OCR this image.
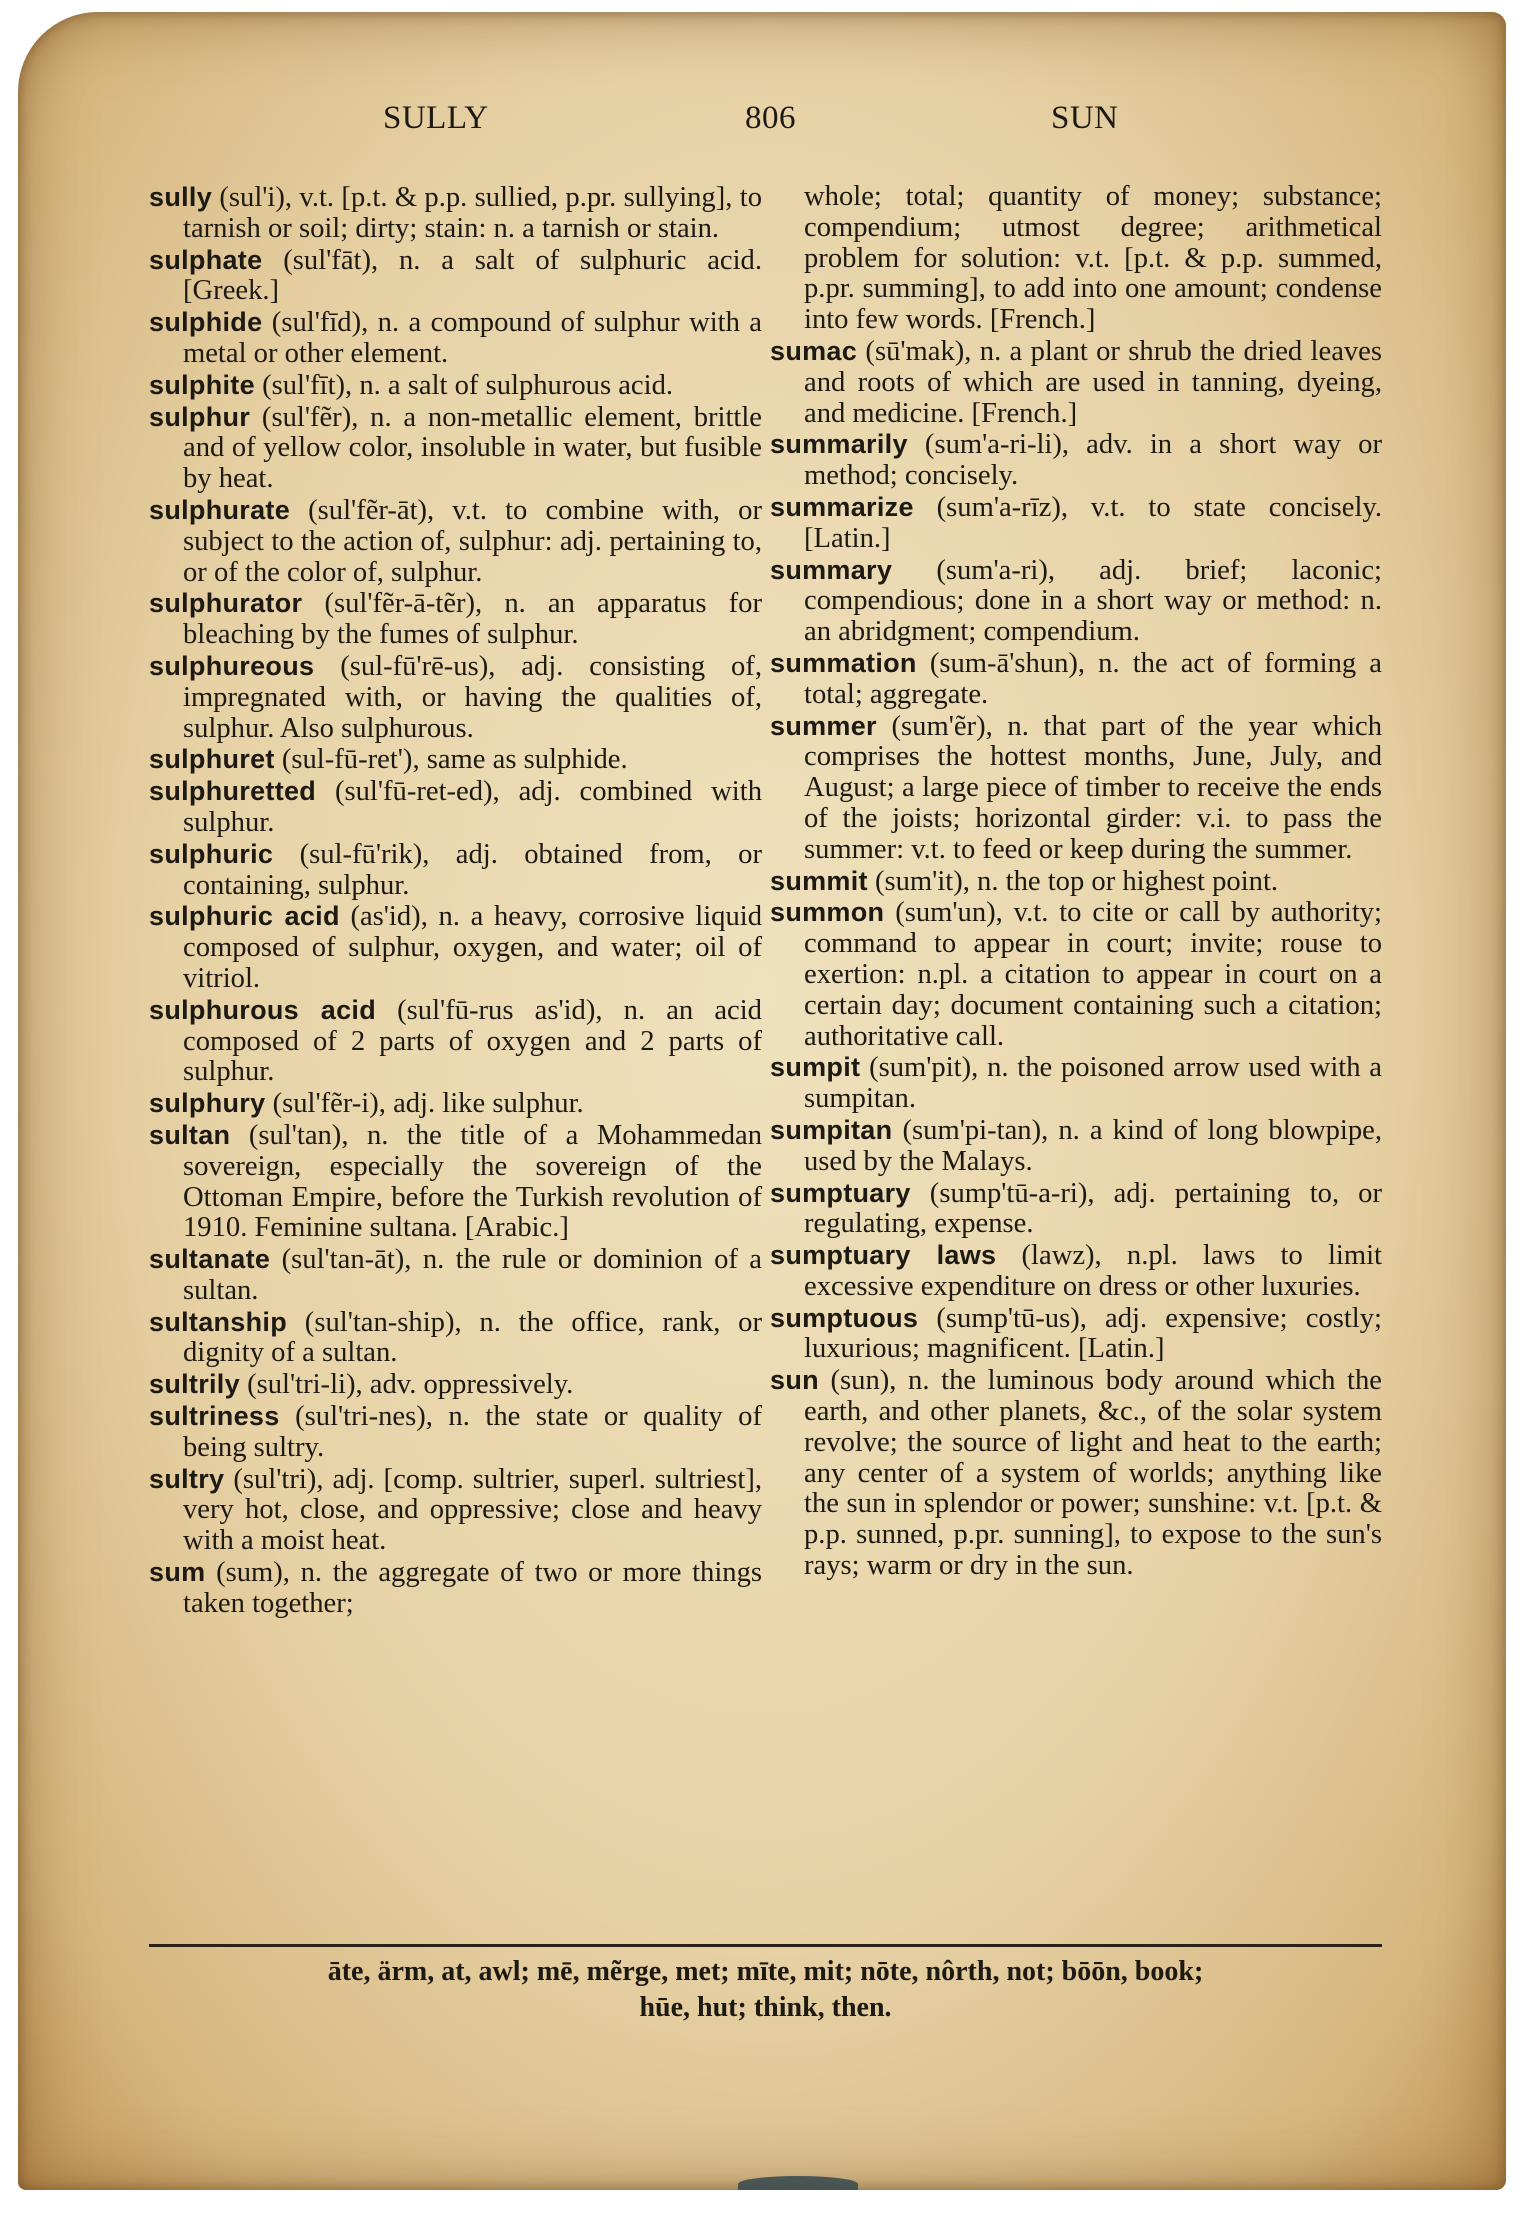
SULLY	806	SUN

sully (sul'i), v.t. [p.t. & p.p. sullied, p.pr. sullying], to tarnish or soil; dirty; stain: n. a tarnish or stain.

sulphate (sul'fāt), n. a salt of sulphuric acid. [Greek.]

sulphide (sul'fīd), n. a compound of sulphur with a metal or other element.

sulphite (sul'fīt), n. a salt of sulphurous acid.

sulphur (sul'fẽr), n. a non-metallic element, brittle and of yellow color, insoluble in water, but fusible by heat.

sulphurate (sul'fẽr-āt), v.t. to combine with, or subject to the action of, sulphur: adj. pertaining to, or of the color of, sulphur.

sulphurator (sul'fẽr-ā-tẽr), n. an apparatus for bleaching by the fumes of sulphur.

sulphureous (sul-fū'rē-us), adj. consisting of, impregnated with, or having the qualities of, sulphur. Also sulphurous.

sulphuret (sul-fū-ret'), same as sulphide.

sulphuretted (sul'fū-ret-ed), adj. combined with sulphur.

sulphuric (sul-fū'rik), adj. obtained from, or containing, sulphur.

sulphuric acid (as'id), n. a heavy, corrosive liquid composed of sulphur, oxygen, and water; oil of vitriol.

sulphurous acid (sul'fū-rus as'id), n. an acid composed of 2 parts of oxygen and 2 parts of sulphur.

sulphury (sul'fẽr-i), adj. like sulphur.

sultan (sul'tan), n. the title of a Mohammedan sovereign, especially the sovereign of the Ottoman Empire, before the Turkish revolution of 1910. Feminine sultana. [Arabic.]

sultanate (sul'tan-āt), n. the rule or dominion of a sultan.

sultanship (sul'tan-ship), n. the office, rank, or dignity of a sultan.

sultrily (sul'tri-li), adv. oppressively.

sultriness (sul'tri-nes), n. the state or quality of being sultry.

sultry (sul'tri), adj. [comp. sultrier, superl. sultriest], very hot, close, and oppressive; close and heavy with a moist heat.

sum (sum), n. the aggregate of two or more things taken together;

whole; total; quantity of money; substance; compendium; utmost degree; arithmetical problem for solution: v.t. [p.t. & p.p. summed, p.pr. summing], to add into one amount; condense into few words. [French.]

sumac (sū'mak), n. a plant or shrub the dried leaves and roots of which are used in tanning, dyeing, and medicine. [French.]

summarily (sum'a-ri-li), adv. in a short way or method; concisely.

summarize (sum'a-rīz), v.t. to state concisely. [Latin.]

summary (sum'a-ri), adj. brief; laconic; compendious; done in a short way or method: n. an abridgment; compendium.

summation (sum-ā'shun), n. the act of forming a total; aggregate.

summer (sum'ẽr), n. that part of the year which comprises the hottest months, June, July, and August; a large piece of timber to receive the ends of the joists; horizontal girder: v.i. to pass the summer: v.t. to feed or keep during the summer.

summit (sum'it), n. the top or highest point.

summon (sum'un), v.t. to cite or call by authority; command to appear in court; invite; rouse to exertion: n.pl. a citation to appear in court on a certain day; document containing such a citation; authoritative call.

sumpit (sum'pit), n. the poisoned arrow used with a sumpitan.

sumpitan (sum'pi-tan), n. a kind of long blowpipe, used by the Malays.

sumptuary (sump'tū-a-ri), adj. pertaining to, or regulating, expense.

sumptuary laws (lawz), n.pl. laws to limit excessive expenditure on dress or other luxuries.

sumptuous (sump'tū-us), adj. expensive; costly; luxurious; magnificent. [Latin.]

sun (sun), n. the luminous body around which the earth, and other planets, &c., of the solar system revolve; the source of light and heat to the earth; any center of a system of worlds; anything like the sun in splendor or power; sunshine: v.t. [p.t. & p.p. sunned, p.pr. sunning], to expose to the sun's rays; warm or dry in the sun.

āte, ärm, at, awl; mē, mẽrge, met; mīte, mit; nōte, nôrth, not; bōōn, book;
hūe, hut; think, then.
